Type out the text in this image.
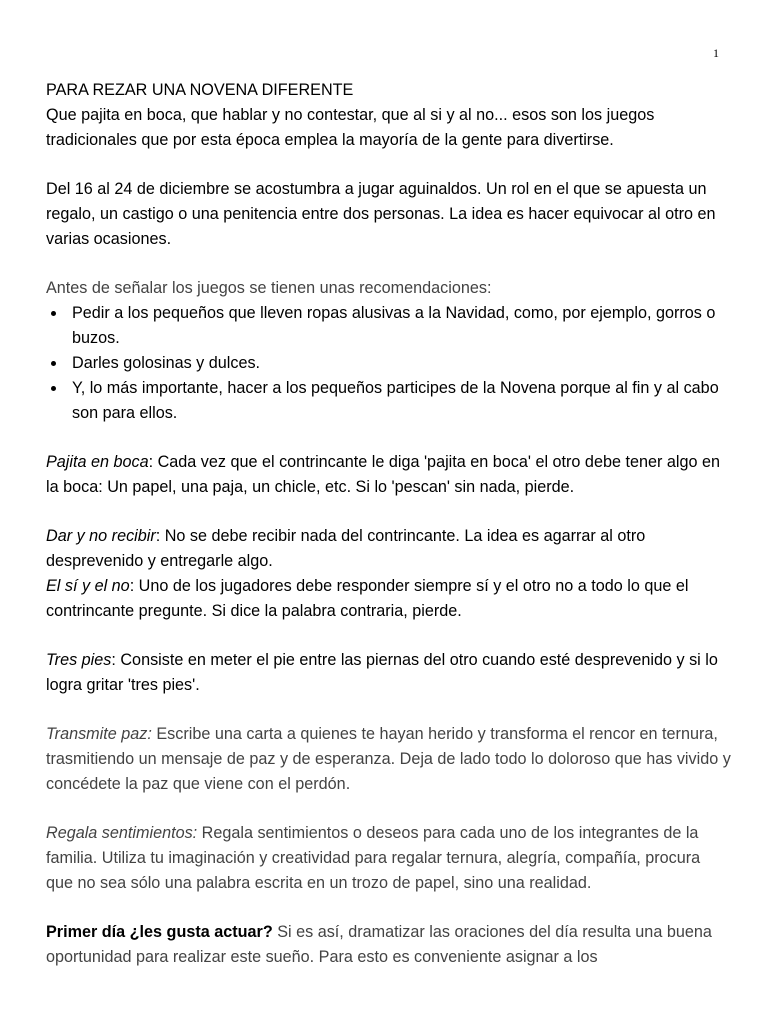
1

PARA REZAR UNA NOVENA DIFERENTE
Que pajita en boca, que hablar y no contestar, que al si y al no... esos son los juegos tradicionales que por esta época emplea la mayoría de la gente para divertirse.

Del 16 al 24 de diciembre se acostumbra a jugar aguinaldos. Un rol en el que se apuesta un regalo, un castigo o una penitencia entre dos personas. La idea es hacer equivocar al otro en varias ocasiones.

Antes de señalar los juegos se tienen unas recomendaciones:
Pedir a los pequeños que lleven ropas alusivas a la Navidad, como, por ejemplo, gorros o buzos.
Darles golosinas y dulces.
Y, lo más importante, hacer a los pequeños participes de la Novena porque al fin y al cabo son para ellos.

Pajita en boca: Cada vez que el contrincante le diga 'pajita en boca' el otro debe tener algo en la boca: Un papel, una paja, un chicle, etc. Si lo 'pescan' sin nada, pierde.

Dar y no recibir: No se debe recibir nada del contrincante. La idea es agarrar al otro desprevenido y entregarle algo.

El sí y el no: Uno de los jugadores debe responder siempre sí y el otro no a todo lo que el contrincante pregunte. Si dice la palabra contraria, pierde.

Tres pies: Consiste en meter el pie entre las piernas del otro cuando esté desprevenido y si lo logra gritar 'tres pies'.

Transmite paz: Escribe una carta a quienes te hayan herido y transforma el rencor en ternura, trasmitiendo un mensaje de paz y de esperanza. Deja de lado todo lo doloroso que has vivido y concédete la paz que viene con el perdón.

Regala sentimientos: Regala sentimientos o deseos para cada uno de los integrantes de la familia. Utiliza tu imaginación y creatividad para regalar ternura, alegría, compañía, procura que no sea sólo una palabra escrita en un trozo de papel, sino una realidad.

Primer día ¿les gusta actuar? Si es así, dramatizar las oraciones del día resulta una buena oportunidad para realizar este sueño. Para esto es conveniente asignar a los
